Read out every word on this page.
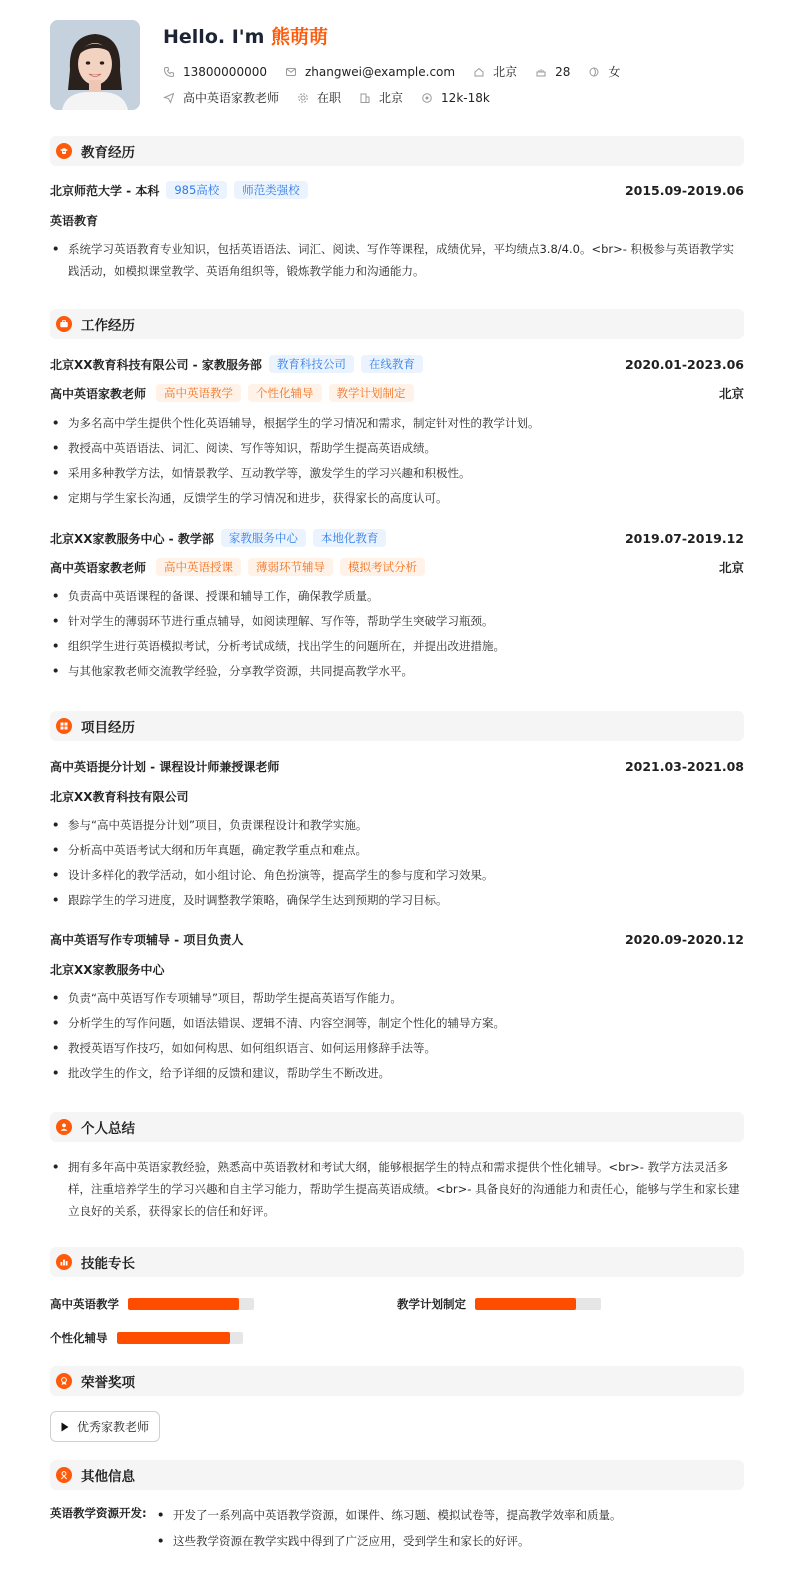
Hello. I'm 熊萌萌
13800000000	zhangwei@example.com	北京	28	女
高中英语家教老师	在职	北京	12k-18k
教育经历
北京师范大学 - 本科	985高校	师范类强校	2015.09-2019.06
英语教育
• 系统学习英语教育专业知识，包括英语语法、词汇、阅读、写作等课程，成绩优异，平均绩点3.8/4.0。<br>- 积极参与英语教学实践活动，如模拟课堂教学、英语角组织等，锻炼教学能力和沟通能力。
工作经历
北京XX教育科技有限公司 - 家教服务部	教育科技公司	在线教育	2020.01-2023.06
高中英语家教老师	高中英语教学	个性化辅导	教学计划制定	北京
• 为多名高中学生提供个性化英语辅导，根据学生的学习情况和需求，制定针对性的教学计划。
• 教授高中英语语法、词汇、阅读、写作等知识，帮助学生提高英语成绩。
• 采用多种教学方法，如情景教学、互动教学等，激发学生的学习兴趣和积极性。
• 定期与学生家长沟通，反馈学生的学习情况和进步，获得家长的高度认可。
北京XX家教服务中心 - 教学部	家教服务中心	本地化教育	2019.07-2019.12
高中英语家教老师	高中英语授课	薄弱环节辅导	模拟考试分析	北京
• 负责高中英语课程的备课、授课和辅导工作，确保教学质量。
• 针对学生的薄弱环节进行重点辅导，如阅读理解、写作等，帮助学生突破学习瓶颈。
• 组织学生进行英语模拟考试，分析考试成绩，找出学生的问题所在，并提出改进措施。
• 与其他家教老师交流教学经验，分享教学资源，共同提高教学水平。
项目经历
高中英语提分计划 - 课程设计师兼授课老师	2021.03-2021.08
北京XX教育科技有限公司
• 参与“高中英语提分计划”项目，负责课程设计和教学实施。
• 分析高中英语考试大纲和历年真题，确定教学重点和难点。
• 设计多样化的教学活动，如小组讨论、角色扮演等，提高学生的参与度和学习效果。
• 跟踪学生的学习进度，及时调整教学策略，确保学生达到预期的学习目标。
高中英语写作专项辅导 - 项目负责人	2020.09-2020.12
北京XX家教服务中心
• 负责“高中英语写作专项辅导”项目，帮助学生提高英语写作能力。
• 分析学生的写作问题，如语法错误、逻辑不清、内容空洞等，制定个性化的辅导方案。
• 教授英语写作技巧，如如何构思、如何组织语言、如何运用修辞手法等。
• 批改学生的作文，给予详细的反馈和建议，帮助学生不断改进。
个人总结
• 拥有多年高中英语家教经验，熟悉高中英语教材和考试大纲，能够根据学生的特点和需求提供个性化辅导。<br>- 教学方法灵活多样，注重培养学生的学习兴趣和自主学习能力，帮助学生提高英语成绩。<br>- 具备良好的沟通能力和责任心，能够与学生和家长建立良好的关系，获得家长的信任和好评。
技能专长
高中英语教学	教学计划制定
个性化辅导
荣誉奖项
优秀家教老师
其他信息
英语教学资源开发:
•	开发了一系列高中英语教学资源，如课件、练习题、模拟试卷等，提高教学效率和质量。
• 这些教学资源在教学实践中得到了广泛应用，受到学生和家长的好评。
